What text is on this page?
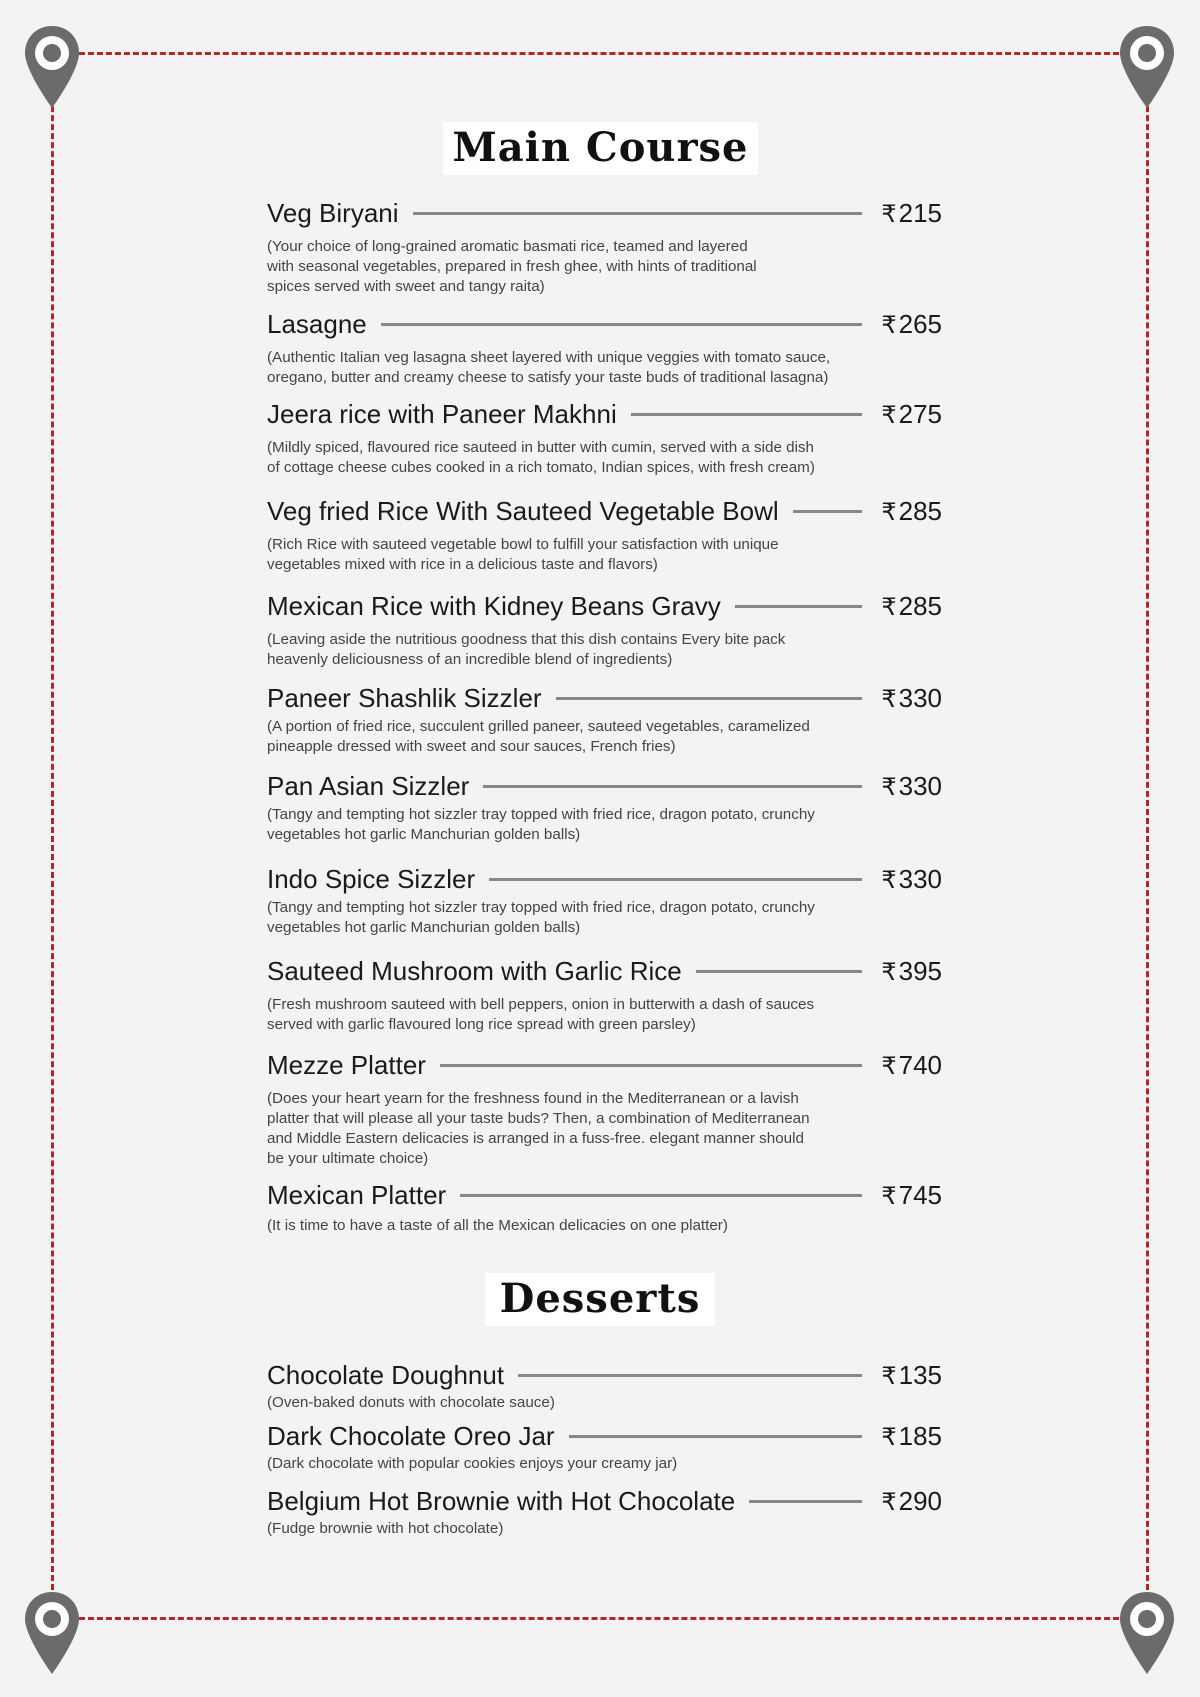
Main Course
Desserts
Veg Biryani	₹215
(Your choice of long-grained aromatic basmati rice, teamed and layered
with seasonal vegetables, prepared in fresh ghee, with hints of traditional
spices served with sweet and tangy raita)
Lasagne	₹265
(Authentic Italian veg lasagna sheet layered with unique veggies with tomato sauce,
oregano, butter and creamy cheese to satisfy your taste buds of traditional lasagna)
Jeera rice with Paneer Makhni	₹275
(Mildly spiced, flavoured rice sauteed in butter with cumin, served with a side dish
of cottage cheese cubes cooked in a rich tomato, Indian spices, with fresh cream)
Veg fried Rice With Sauteed Vegetable Bowl	₹285
(Rich Rice with sauteed vegetable bowl to fulfill your satisfaction with unique
vegetables mixed with rice in a delicious taste and flavors)
Mexican Rice with Kidney Beans Gravy	₹285
(Leaving aside the nutritious goodness that this dish contains Every bite pack
heavenly deliciousness of an incredible blend of ingredients)
Paneer Shashlik Sizzler	₹330
(A portion of fried rice, succulent grilled paneer, sauteed vegetables, caramelized
pineapple dressed with sweet and sour sauces, French fries)
Pan Asian Sizzler	₹330
(Tangy and tempting hot sizzler tray topped with fried rice, dragon potato, crunchy
vegetables hot garlic Manchurian golden balls)
Indo Spice Sizzler	₹330
(Tangy and tempting hot sizzler tray topped with fried rice, dragon potato, crunchy
vegetables hot garlic Manchurian golden balls)
Sauteed Mushroom with Garlic Rice	₹395
(Fresh mushroom sauteed with bell peppers, onion in butterwith a dash of sauces
served with garlic flavoured long rice spread with green parsley)
Mezze Platter	₹740
(Does your heart yearn for the freshness found in the Mediterranean or a lavish
platter that will please all your taste buds? Then, a combination of Mediterranean
and Middle Eastern delicacies is arranged in a fuss-free. elegant manner should
be your ultimate choice)
Mexican Platter	₹745
(It is time to have a taste of all the Mexican delicacies on one platter)
Chocolate Doughnut	₹135
(Oven-baked donuts with chocolate sauce)
Dark Chocolate Oreo Jar	₹185
(Dark chocolate with popular cookies enjoys your creamy jar)
Belgium Hot Brownie with Hot Chocolate	₹290
(Fudge brownie with hot chocolate)
